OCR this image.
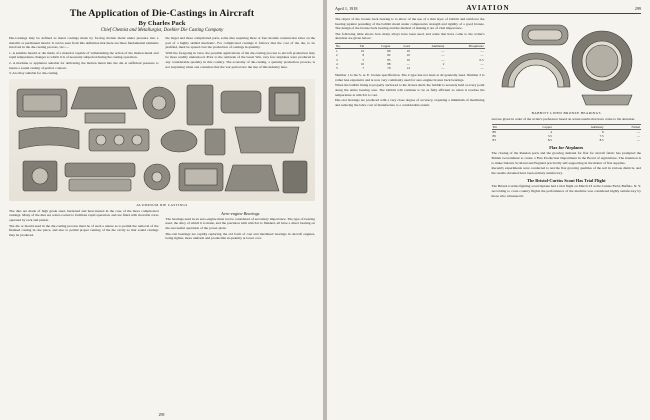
The Application of Die-Castings in Aircraft
By Charles Pack
Chief Chemist and Metallurgist, Doehler Die Casting Company

Die-Castings may be defined as metal castings made by forcing molten metal under pressure into a metallic or permanent mould. It can be seen from this definition that there are three fundamental elements involved in the die-casting process, viz.:—

1. A suitable mould or die made of a material capable of withstanding the action of the molten metal and rapid temperature changes to which it is of necessity subjected during the casting operation.

2. A machine or appliance suitable for delivering the molten metal into the die at sufficient pressure to insure a sound casting of perfect contour.

3. An alloy suitable for die-casting.

the larger and more complicated parts, some dies requiring three or four months construction labor on the part of a highly skilled mechanic. For complicated castings it follows that the cost of the die, to be justified, must be spread over the production of castings in quantity.

With the foregoing in view, the possible applications of the die-casting process to aircraft production may be more readily understood. Prior to the outbreak of the Great War, very few airplanes were produced in any considerable quantity in this country. The economy of die-casting, a quantity production process, is not surprising when one considers that the war period saw the rise of this industry here.

ALUMINUM DIE CASTINGS

The dies are made of high grade steel, hardened and heat-treated in the case of the more complicated castings. Many of the dies are water-cooled to facilitate rapid operation, and are fitted with movable cores operated by rack and pinion.

The die or mould used in the die-casting process must be of such a nature as to permit the removal of the finished casting in one piece, and also to permit proper venting of the die cavity so that sound castings may be produced.

Aero-engine Bearings

The bearings used in an aero-engine must not be considered of secondary importance. The type of bearing used, the alloy of which it is made, and the precision with which it is finished, all have a direct bearing on the successful operation of the power plant.

Die-cast bearings are rapidly replacing the old form of cast and machined bearings in aircraft engines, being lighter, more uniform and producible in quantity at lower cost.

298
April 1, 1918	AVIATION	299

The object of the bronze back bearing is to allow of the use of a thin layer of babbitt and reinforce the bearing against pounding of the babbitt metal under compressive strength and rigidity of a good bronze. The design of the bronze back bearing and the method of making it are of vital importance.

The following table shows how many alloys have been used, and some that have come to the writer's attention are given below:

No.	Tin	Copper	Lead	Antimony	Phosphorus
1	10	80	10	—	—
2	8	82	10	—	—
3	5	85	10	—	0.5
4	10	88	—	2	—
5	7	79	14	—	—

Number 1 is the S. A. E. bronze specification. The 4 type has not been at all generally used. Number 2 is rather less expensive and is now very commonly used for aero-engine bronze back bearings.

When the babbitt lining is properly anchored to the bronze shell, the babbitt is securely held at every point along the entire bearing area. The babbitt will continue to be as fully efficient as when it reaches the temperature at which it is cast.

Die-cast bearings are produced with a very close degree of accuracy, requiring a minimum of machining and reducing the labor cost of manufacture to a considerable extent.

BABBITT LINED BRONZE BEARINGS

and are given in order of the writer's preference based on actual results that have come to his attention.

Tin	Copper	Antimony	Nickel
88	4	8	—
89	3.5	7.5	—
83	8.5	8.5	—
Flax for Airplanes

The closing of the Russian ports and the growing demand for flax for aircraft fabric has prompted the British Government to create a Flax Production Department in the Board of Agriculture. The intention is to make Ireland, Scotland and England practically self-supporting in the matter of flax supplies.

Recently experiments were conducted to test the flax growing qualities of the soil in various districts, and the results obtained have been entirely satisfactory.

The Bristol-Curtiss Scout Has Trial Flight

The Bristol-Curtiss fighting scout biplane had a trial flight on March 23 at the Curtiss Field, Buffalo, N. Y. According to cross country flights the performance of the machine was considered highly satisfactory by those who witnessed it.
